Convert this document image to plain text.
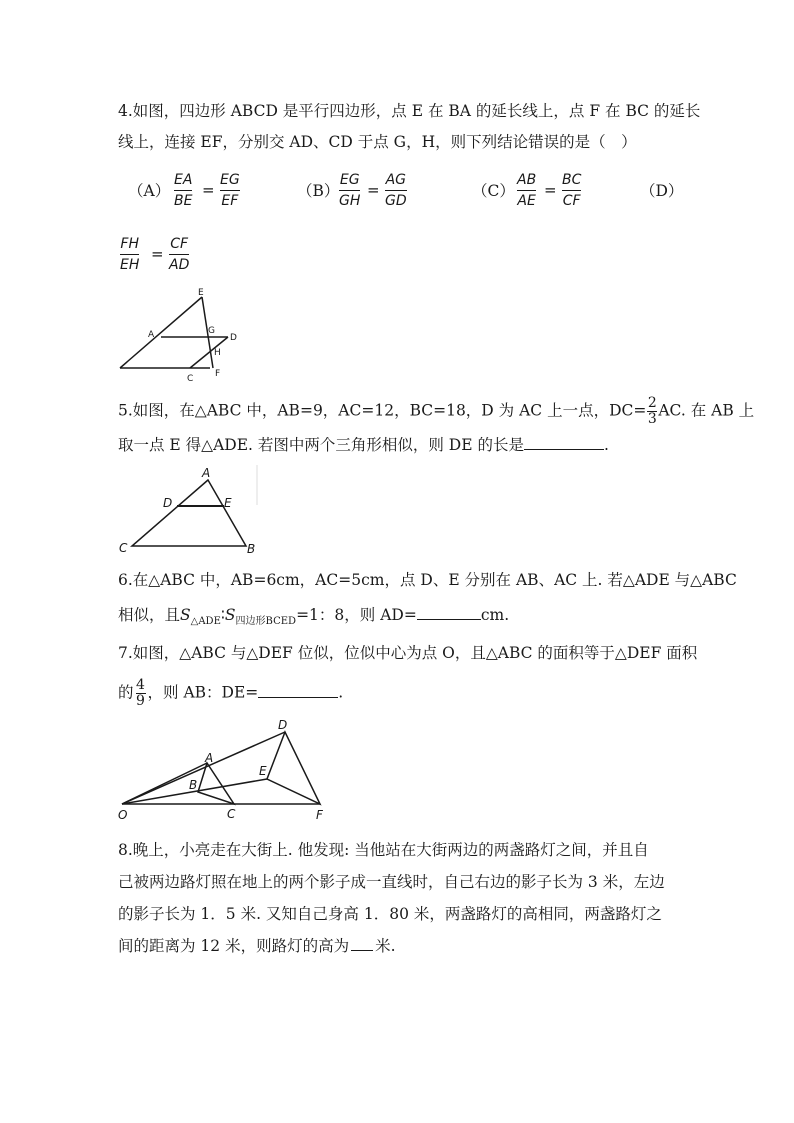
4.如图，四边形 ABCD 是平行四边形，点 E 在 BA 的延长线上，点 F 在 BC 的延长
线上，连接 EF，分别交 AD、CD 于点 G，H，则下列结论错误的是（　）
（A）
EA
BE
=
EG
EF
（B）
EG
GH
=
AG
GD
（C）
AB
AE
=
BC
CF
（D）
FH
EH
=
CF
AD
E
A	G
D
H
C F
5.如图，在△ABC 中，AB=9，AC=12，BC=18，D 为 AC 上一点，$DC= \frac{2}{3}$ AC. 在 AB 上
取一点 E 得△ADE. 若图中两个三角形相似，则 DE 的长是	.
A
D	E
C	B
6.在△ABC 中，AB=6cm，AC=5cm，点 D、E 分别在 AB、AC 上. 若△ADE 与△ABC
相似，且$S_{\triangle ADE}∶S_{四边形BCED}=1$：8，则 AD=	cm.
7.如图，△ABC 与△DEF 位似，位似中心为点 O，且△ABC 的面积等于△DEF 面积
的 $\frac{4}{9}$ ，则 AB：DE=	.
D
A
E
B
O	C	F
8.晚上，小亮走在大街上. 他发现: 当他站在大街两边的两盏路灯之间，并且自
己被两边路灯照在地上的两个影子成一直线时，自己右边的影子长为 3 米，左边
的影子长为 1．5 米. 又知自己身高 1．80 米，两盏路灯的高相同，两盏路灯之
间的距离为 12 米，则路灯的高为 米.
